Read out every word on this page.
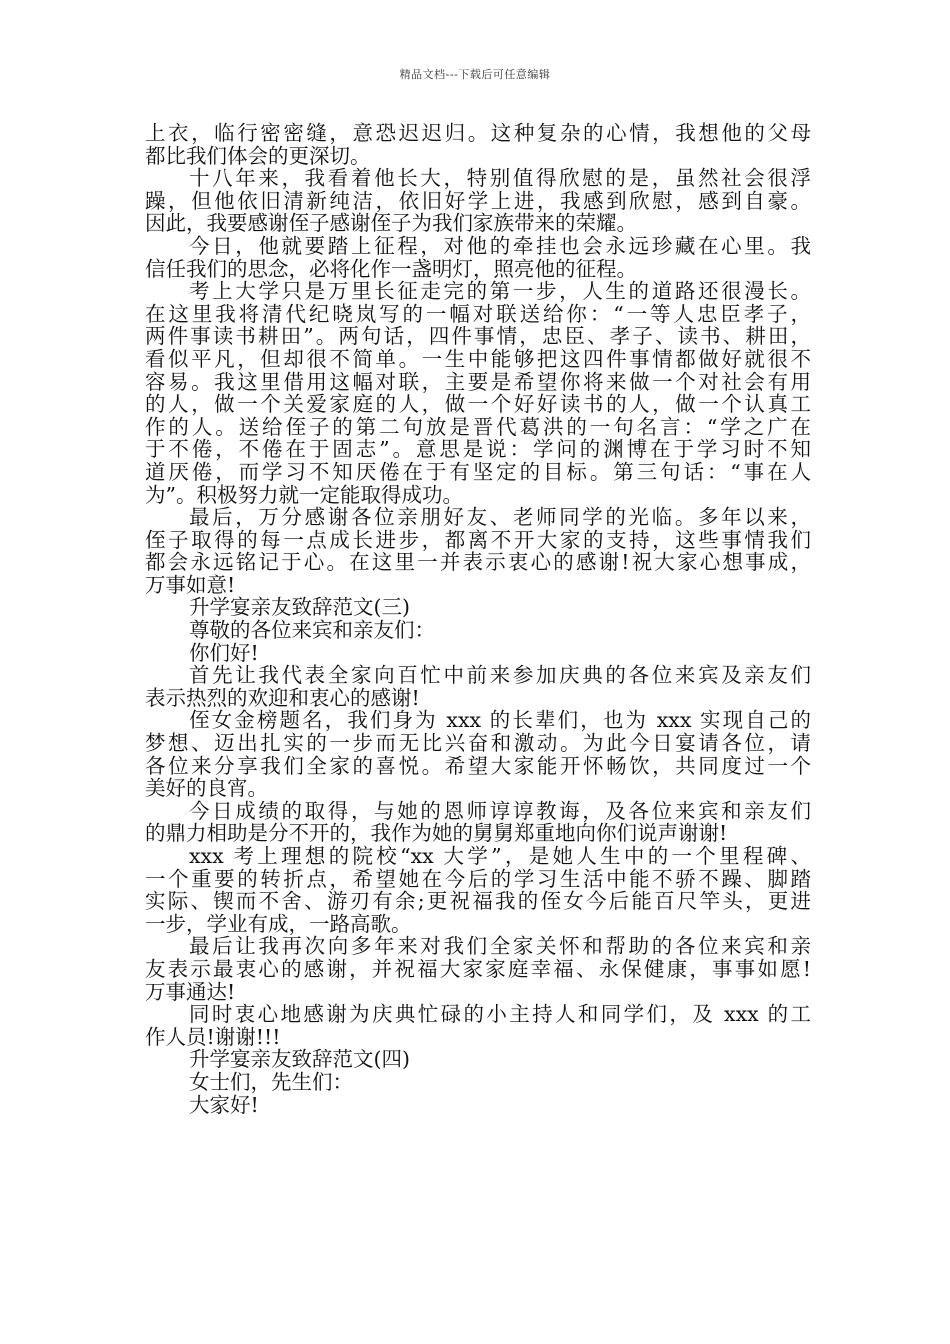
精品文档---下载后可任意编辑
上衣，临行密密缝，意恐迟迟归。这种复杂的心情，我想他的父母
都比我们体会的更深切。
十八年来，我看着他长大，特别值得欣慰的是，虽然社会很浮
躁，但他依旧清新纯洁，依旧好学上进，我感到欣慰，感到自豪。
因此，我要感谢侄子感谢侄子为我们家族带来的荣耀。
今日，他就要踏上征程，对他的牵挂也会永远珍藏在心里。我
信任我们的思念，必将化作一盏明灯，照亮他的征程。
考上大学只是万里长征走完的第一步，人生的道路还很漫长。
在这里我将清代纪晓岚写的一幅对联送给你：“一等人忠臣孝子，
两件事读书耕田”。两句话，四件事情，忠臣、孝子、读书、耕田，
看似平凡，但却很不简单。一生中能够把这四件事情都做好就很不
容易。我这里借用这幅对联，主要是希望你将来做一个对社会有用
的人，做一个关爱家庭的人，做一个好好读书的人，做一个认真工
作的人。送给侄子的第二句放是晋代葛洪的一句名言：“学之广在
于不倦，不倦在于固志”。意思是说：学问的渊博在于学习时不知
道厌倦，而学习不知厌倦在于有坚定的目标。第三句话：“事在人
为”。积极努力就一定能取得成功。
最后，万分感谢各位亲朋好友、老师同学的光临。多年以来，
侄子取得的每一点成长进步，都离不开大家的支持，这些事情我们
都会永远铭记于心。在这里一并表示衷心的感谢!祝大家心想事成，
万事如意!
升学宴亲友致辞范文(三)
尊敬的各位来宾和亲友们：
你们好!
首先让我代表全家向百忙中前来参加庆典的各位来宾及亲友们
表示热烈的欢迎和衷心的感谢!
侄女金榜题名，我们身为 xxx 的长辈们，也为 xxx 实现自己的
梦想、迈出扎实的一步而无比兴奋和激动。为此今日宴请各位，请
各位来分享我们全家的喜悦。希望大家能开怀畅饮，共同度过一个
美好的良宵。
今日成绩的取得，与她的恩师谆谆教诲，及各位来宾和亲友们
的鼎力相助是分不开的，我作为她的舅舅郑重地向你们说声谢谢!
xxx 考上理想的院校“xx 大学”，是她人生中的一个里程碑、
一个重要的转折点，希望她在今后的学习生活中能不骄不躁、脚踏
实际、锲而不舍、游刃有余;更祝福我的侄女今后能百尺竿头，更进
一步，学业有成，一路高歌。
最后让我再次向多年来对我们全家关怀和帮助的各位来宾和亲
友表示最衷心的感谢，并祝福大家家庭幸福、永保健康，事事如愿!
万事通达!
同时衷心地感谢为庆典忙碌的小主持人和同学们，及 xxx 的工
作人员!谢谢!!!
升学宴亲友致辞范文(四)
女士们，先生们：
大家好!
